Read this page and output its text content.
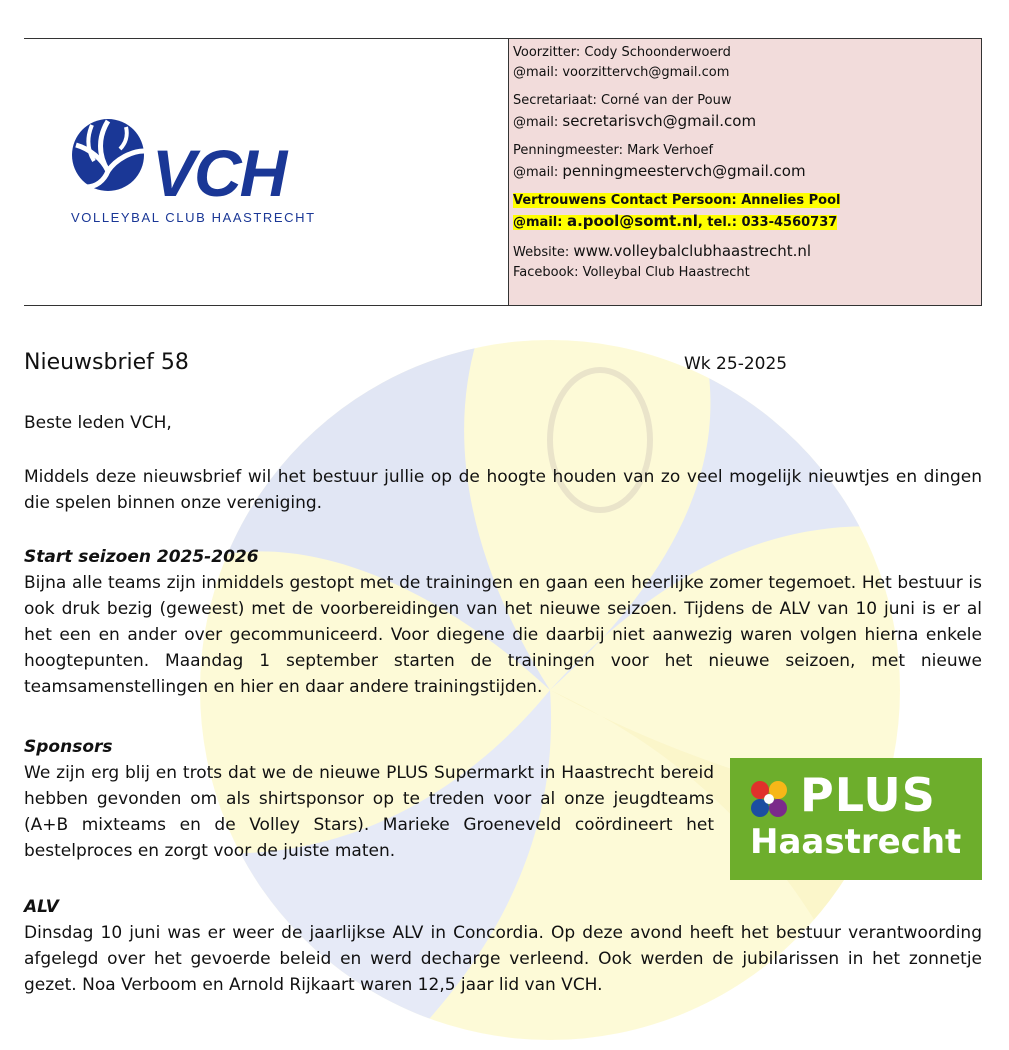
VCH
VOLLEYBAL CLUB HAASTRECHT
Voorzitter: Cody Schoonderwoerd
@mail: voorzittervch@gmail.com
Secretariaat: Corné van der Pouw
@mail: secretarisvch@gmail.com
Penningmeester: Mark Verhoef
@mail: penningmeestervch@gmail.com
Vertrouwens Contact Persoon: Annelies Pool
@mail: a.pool@somt.nl, tel.: 033-4560737
Website: www.volleybalclubhaastrecht.nl
Facebook: Volleybal Club Haastrecht
Nieuwsbrief 58	Wk 25-2025
Beste leden VCH,
Middels deze nieuwsbrief wil het bestuur jullie op de hoogte houden van zo veel mogelijk nieuwtjes en dingen die spelen binnen onze vereniging.
Start seizoen 2025-2026
Bijna alle teams zijn inmiddels gestopt met de trainingen en gaan een heerlijke zomer tegemoet. Het bestuur is ook druk bezig (geweest) met de voorbereidingen van het nieuwe seizoen. Tijdens de ALV van 10 juni is er al het een en ander over gecommuniceerd. Voor diegene die daarbij niet aanwezig waren volgen hierna enkele hoogtepunten. Maandag 1 september starten de trainingen voor het nieuwe seizoen, met nieuwe teamsamenstellingen en hier en daar andere trainingstijden.
Sponsors
We zijn erg blij en trots dat we de nieuwe PLUS Supermarkt in Haastrecht bereid hebben gevonden om als shirtsponsor op te treden voor al onze jeugdteams (A+B mixteams en de Volley Stars). Marieke Groeneveld coördineert het bestelproces en zorgt voor de juiste maten.
PLUS
Haastrecht
ALV
Dinsdag 10 juni was er weer de jaarlijkse ALV in Concordia. Op deze avond heeft het bestuur verantwoording afgelegd over het gevoerde beleid en werd decharge verleend. Ook werden de jubilarissen in het zonnetje gezet. Noa Verboom en Arnold Rijkaart waren 12,5 jaar lid van VCH.
